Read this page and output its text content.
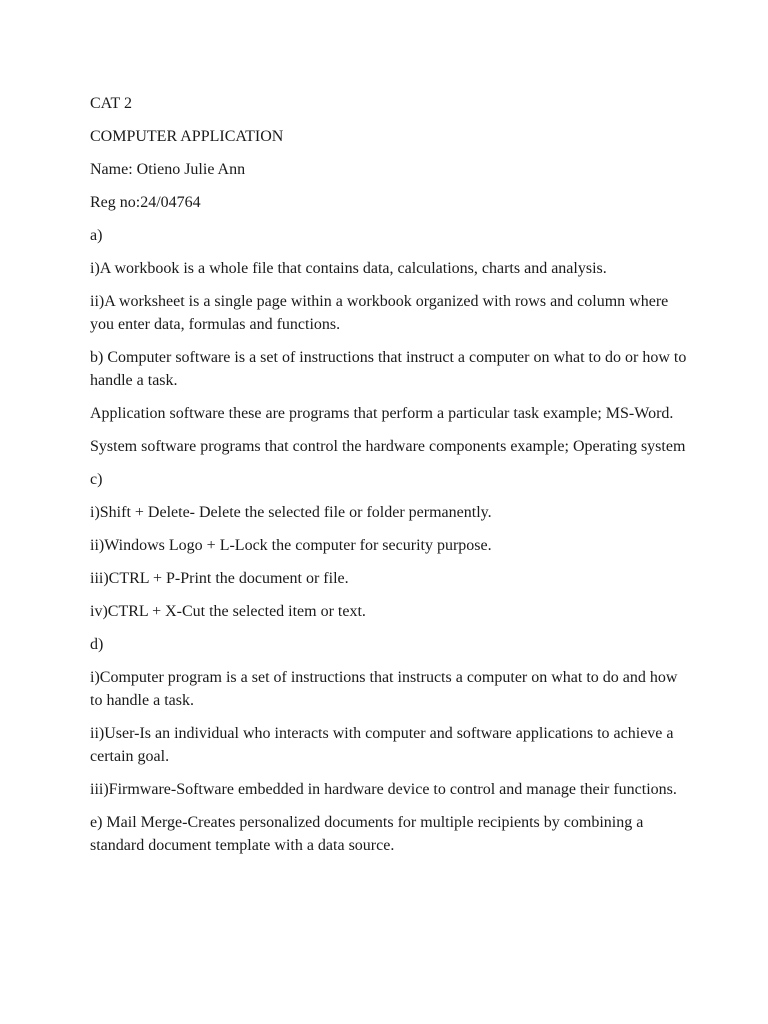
CAT 2

COMPUTER APPLICATION

Name: Otieno Julie Ann

Reg no:24/04764

a)

i)A workbook is a whole file that contains data, calculations, charts and analysis.

ii)A worksheet is a single page within a workbook organized with rows and column where you enter data, formulas and functions.

b) Computer software is a set of instructions that instruct a computer on what to do or how to handle a task.

Application software these are programs that perform a particular task example; MS-Word.

System software programs that control the hardware components example; Operating system

c)

i)Shift + Delete- Delete the selected file or folder permanently.

ii)Windows Logo + L-Lock the computer for security purpose.

iii)CTRL + P-Print the document or file.

iv)CTRL + X-Cut the selected item or text.

d)

i)Computer program is a set of instructions that instructs a computer on what to do and how to handle a task.

ii)User-Is an individual who interacts with computer and software applications to achieve a certain goal.

iii)Firmware-Software embedded in hardware device to control and manage their functions.

e) Mail Merge-Creates personalized documents for multiple recipients by combining a standard document template with a data source.
